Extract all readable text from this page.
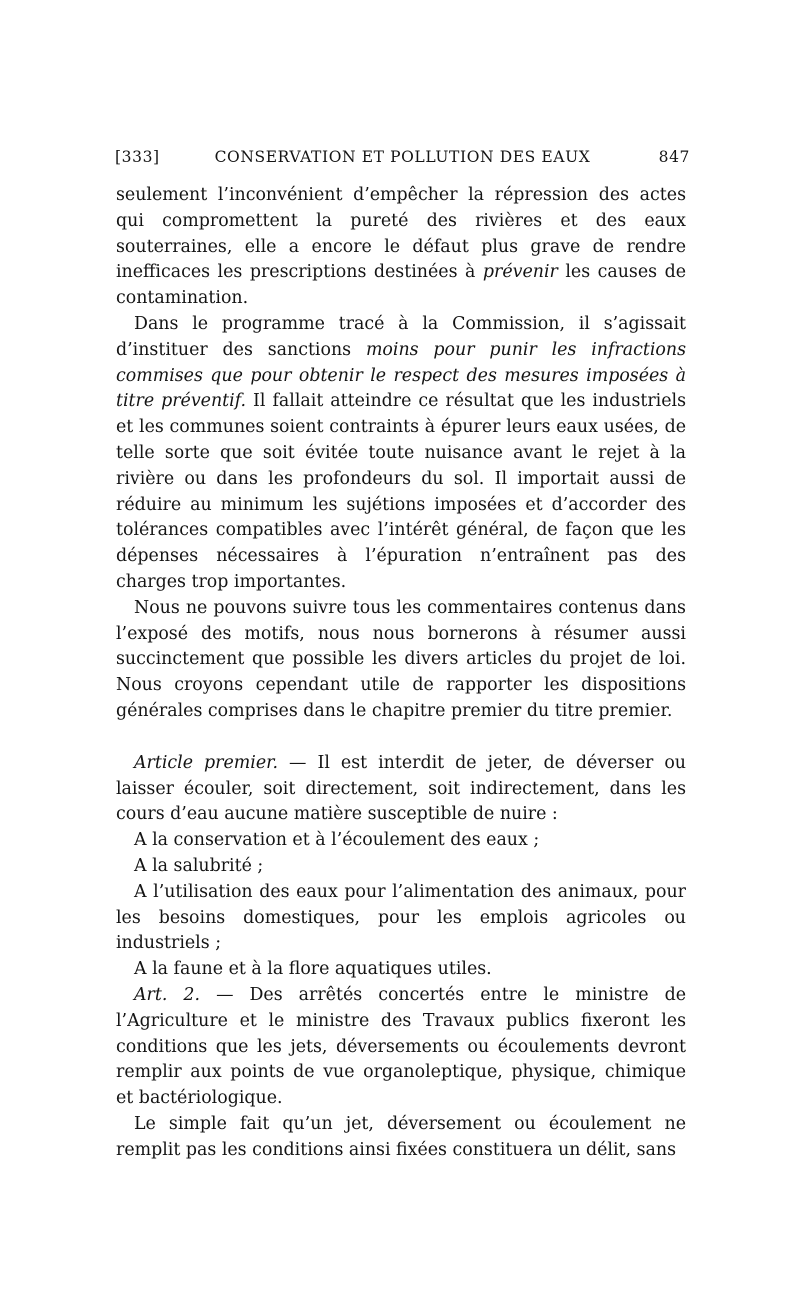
[333]	CONSERVATION ET POLLUTION DES EAUX	847

seulement l’inconvénient d’empêcher la répression des actes qui compromettent la pureté des rivières et des eaux souterraines, elle a encore le défaut plus grave de rendre inefficaces les prescriptions destinées à prévenir les causes de contamination.

Dans le programme tracé à la Commission, il s’agissait d’instituer des sanctions moins pour punir les infractions commises que pour obtenir le respect des mesures imposées à titre préventif. Il fallait atteindre ce résultat que les industriels et les communes soient contraints à épurer leurs eaux usées, de telle sorte que soit évitée toute nuisance avant le rejet à la rivière ou dans les profondeurs du sol. Il importait aussi de réduire au minimum les sujétions imposées et d’accorder des tolérances compatibles avec l’intérêt général, de façon que les dépenses nécessaires à l’épuration n’entraînent pas des charges trop importantes.

Nous ne pouvons suivre tous les commentaires contenus dans l’exposé des motifs, nous nous bornerons à résumer aussi succinctement que possible les divers articles du projet de loi. Nous croyons cependant utile de rapporter les dispositions générales comprises dans le chapitre premier du titre premier.

Article premier. — Il est interdit de jeter, de déverser ou laisser écouler, soit directement, soit indirectement, dans les cours d’eau aucune matière susceptible de nuire :

A la conservation et à l’écoulement des eaux ;

A la salubrité ;

A l’utilisation des eaux pour l’alimentation des animaux, pour les besoins domestiques, pour les emplois agricoles ou industriels ;

A la faune et à la flore aquatiques utiles.

Art. 2. — Des arrêtés concertés entre le ministre de l’Agriculture et le ministre des Travaux publics fixeront les conditions que les jets, déversements ou écoulements devront remplir aux points de vue organoleptique, physique, chimique et bactériologique.

Le simple fait qu’un jet, déversement ou écoulement ne remplit pas les conditions ainsi fixées constituera un délit, sans
